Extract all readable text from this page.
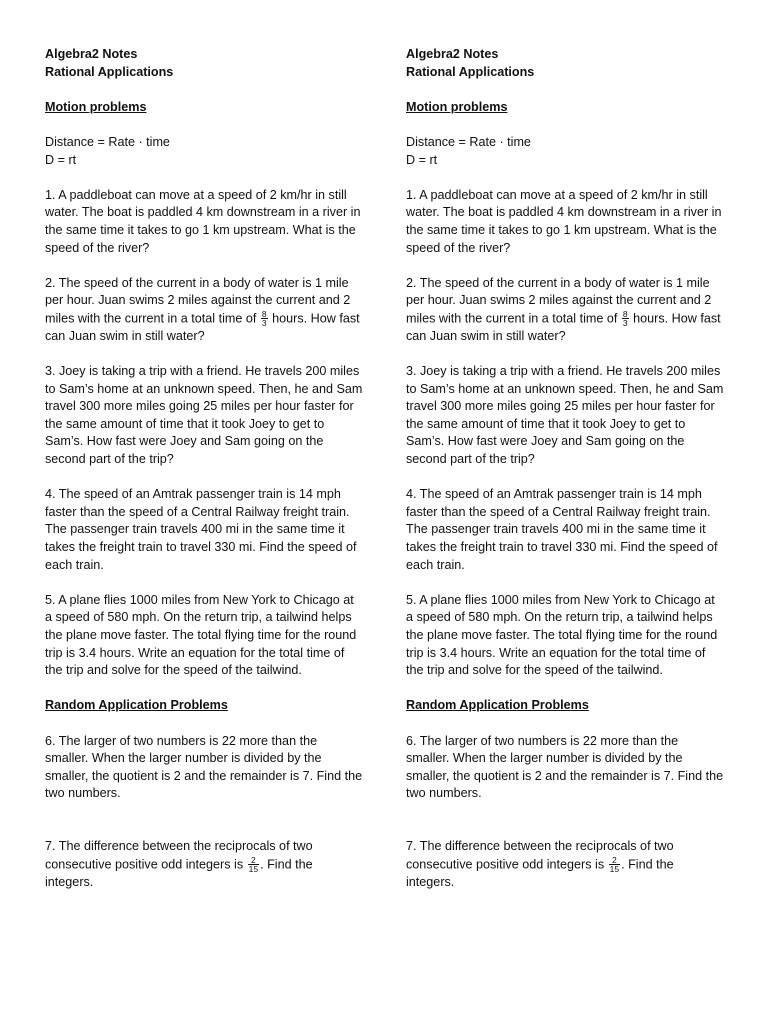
Algebra2 Notes

Rational Applications

Motion problems

Distance = Rate · time

D = rt

1. A paddleboat can move at a speed of 2 km/hr in still water. The boat is paddled 4 km downstream in a river in the same time it takes to go 1 km upstream. What is the speed of the river?

2. The speed of the current in a body of water is 1 mile per hour. Juan swims 2 miles against the current and 2 miles with the current in a total time of $\frac{8}{3}$ hours. How fast can Juan swim in still water?

3. Joey is taking a trip with a friend. He travels 200 miles to Sam’s home at an unknown speed. Then, he and Sam travel 300 more miles going 25 miles per hour faster for the same amount of time that it took Joey to get to Sam’s. How fast were Joey and Sam going on the second part of the trip?

4. The speed of an Amtrak passenger train is 14 mph faster than the speed of a Central Railway freight train. The passenger train travels 400 mi in the same time it takes the freight train to travel 330 mi. Find the speed of each train.

5. A plane flies 1000 miles from New York to Chicago at a speed of 580 mph. On the return trip, a tailwind helps the plane move faster. The total flying time for the round trip is 3.4 hours. Write an equation for the total time of the trip and solve for the speed of the tailwind.

Random Application Problems

6. The larger of two numbers is 22 more than the smaller. When the larger number is divided by the smaller, the quotient is 2 and the remainder is 7. Find the two numbers.

7. The difference between the reciprocals of two consecutive positive odd integers is $\frac{2}{15}$ . Find the integers.

Algebra2 Notes

Rational Applications

Motion problems

Distance = Rate · time

D = rt

1. A paddleboat can move at a speed of 2 km/hr in still water. The boat is paddled 4 km downstream in a river in the same time it takes to go 1 km upstream. What is the speed of the river?

2. The speed of the current in a body of water is 1 mile per hour. Juan swims 2 miles against the current and 2 miles with the current in a total time of $\frac{8}{3}$ hours. How fast can Juan swim in still water?

3. Joey is taking a trip with a friend. He travels 200 miles to Sam’s home at an unknown speed. Then, he and Sam travel 300 more miles going 25 miles per hour faster for the same amount of time that it took Joey to get to Sam’s. How fast were Joey and Sam going on the second part of the trip?

4. The speed of an Amtrak passenger train is 14 mph faster than the speed of a Central Railway freight train. The passenger train travels 400 mi in the same time it takes the freight train to travel 330 mi. Find the speed of each train.

5. A plane flies 1000 miles from New York to Chicago at a speed of 580 mph. On the return trip, a tailwind helps the plane move faster. The total flying time for the round trip is 3.4 hours. Write an equation for the total time of the trip and solve for the speed of the tailwind.

Random Application Problems

6. The larger of two numbers is 22 more than the smaller. When the larger number is divided by the smaller, the quotient is 2 and the remainder is 7. Find the two numbers.

7. The difference between the reciprocals of two consecutive positive odd integers is $\frac{2}{15}$ . Find the integers.
